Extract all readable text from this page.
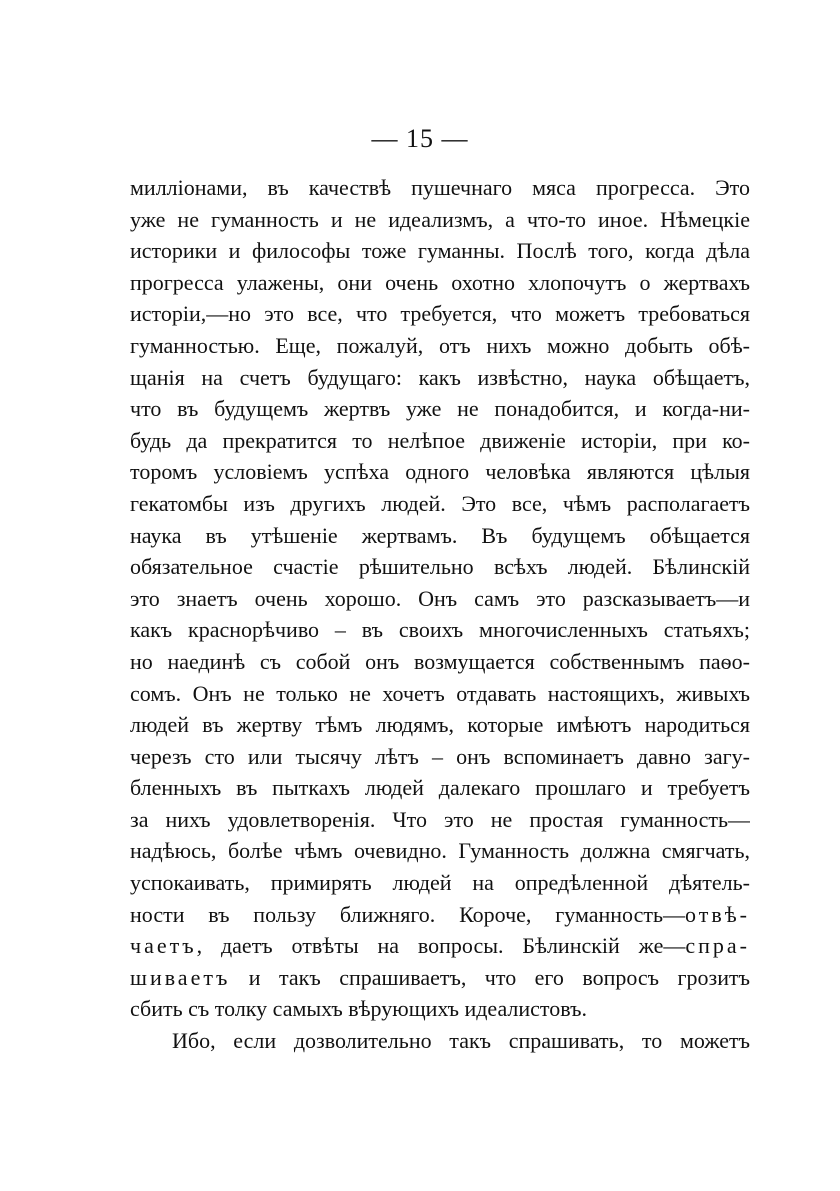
— 15 —
милліонами, въ качествѣ пушечнаго мяса прогресса. Это
уже не гуманность и не идеализмъ, а что-то иное. Нѣмецкіе
историки и философы тоже гуманны. Послѣ того, когда дѣла
прогресса улажены, они очень охотно хлопочутъ о жертвахъ
исторіи,—но это все, что требуется, что можетъ требоваться
гуманностью. Еще, пожалуй, отъ нихъ можно добыть обѣ-
щанія на счетъ будущаго: какъ извѣстно, наука обѣщаетъ,
что въ будущемъ жертвъ уже не понадобится, и когда-ни-
будь да прекратится то нелѣпое движеніе исторіи, при ко-
торомъ условіемъ успѣха одного человѣка являются цѣлыя
гекатомбы изъ другихъ людей. Это все, чѣмъ располагаетъ
наука въ утѣшеніе жертвамъ. Въ будущемъ обѣщается
обязательное счастіе рѣшительно всѣхъ людей. Бѣлинскій
это знаетъ очень хорошо. Онъ самъ это разсказываетъ—и
какъ краснорѣчиво – въ своихъ многочисленныхъ статьяхъ;
но наединѣ съ собой онъ возмущается собственнымъ паѳо-
сомъ. Онъ не только не хочетъ отдавать настоящихъ, живыхъ
людей въ жертву тѣмъ людямъ, которые имѣютъ народиться
черезъ сто или тысячу лѣтъ – онъ вспоминаетъ давно загу-
бленныхъ въ пыткахъ людей далекаго прошлаго и требуетъ
за нихъ удовлетворенія. Что это не простая гуманность—
надѣюсь, болѣе чѣмъ очевидно. Гуманность должна смягчать,
успокаивать, примирять людей на опредѣленной дѣятель-
ности въ пользу ближняго. Короче, гуманность—отвѣ-
чаетъ, даетъ отвѣты на вопросы. Бѣлинскій же—спра-
шиваетъ и такъ спрашиваетъ, что его вопросъ грозитъ
сбить съ толку самыхъ вѣрующихъ идеалистовъ.
Ибо, если дозволительно такъ спрашивать, то можетъ
